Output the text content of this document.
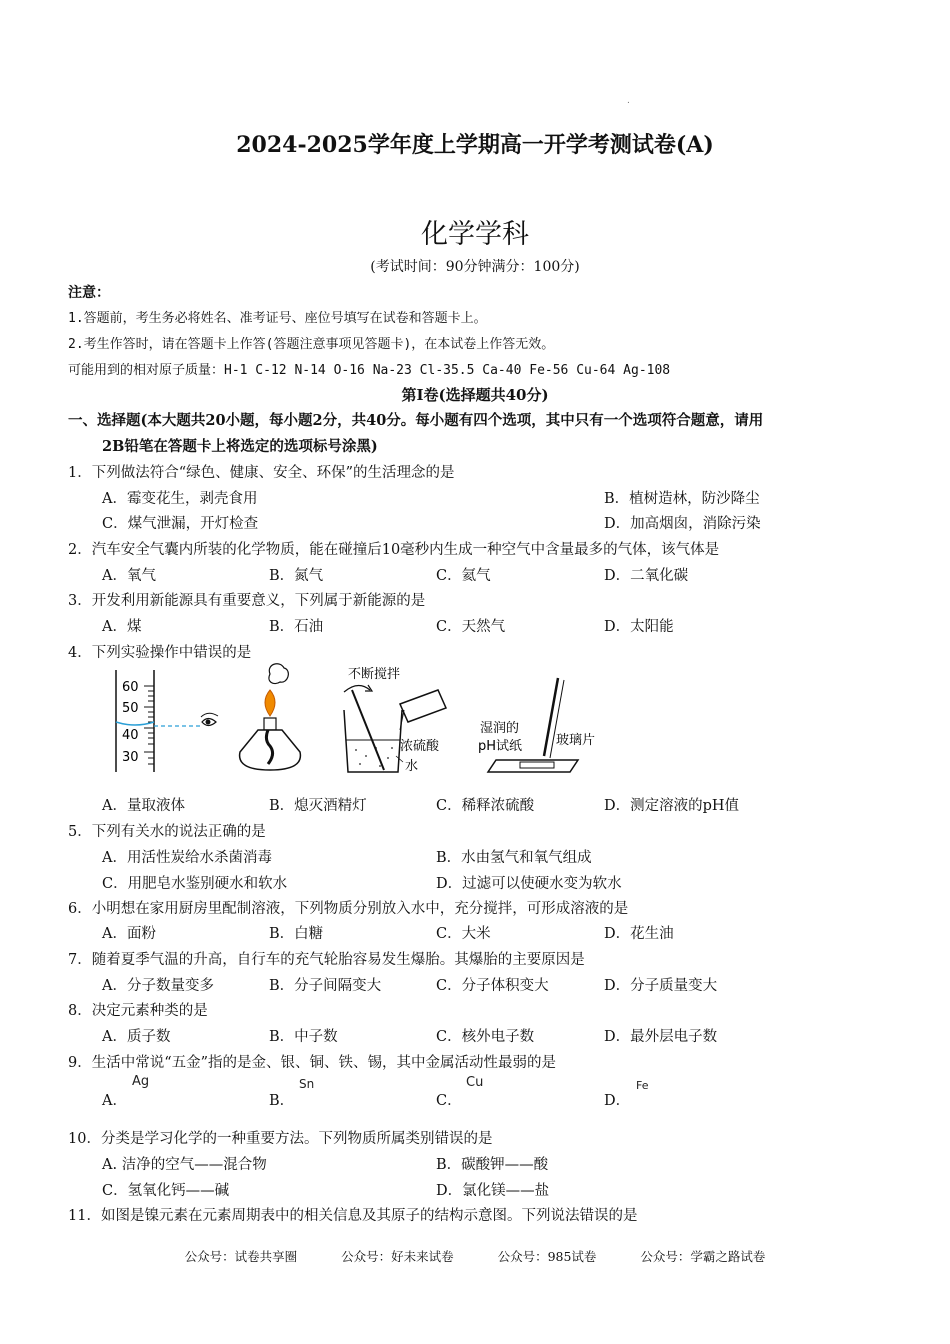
.
2024-2025学年度上学期高一开学考测试卷(A)
化学学科
(考试时间：90分钟满分：100分)
注意：
1.答题前，考生务必将姓名、准考证号、座位号填写在试卷和答题卡上。
2.考生作答时，请在答题卡上作答(答题注意事项见答题卡)，在本试卷上作答无效。
可能用到的相对原子质量：H-1 C-12 N-14 O-16 Na-23 Cl-35.5 Ca-40 Fe-56 Cu-64 Ag-108
第Ⅰ卷(选择题共40分)
一、选择题(本大题共20小题，每小题2分，共40分。每小题有四个选项，其中只有一个选项符合题意，请用
2B铅笔在答题卡上将选定的选项标号涂黑)
1．下列做法符合“绿色、健康、安全、环保”的生活理念的是
A．霉变花生，剥壳食用	B．植树造林，防沙降尘
C．煤气泄漏，开灯检查	D．加高烟囱，消除污染
2．汽车安全气囊内所装的化学物质，能在碰撞后10毫秒内生成一种空气中含量最多的气体，该气体是
A．氧气	B．氮气	C．氦气	D．二氧化碳
3．开发利用新能源具有重要意义，下列属于新能源的是
A．煤	B．石油	C．天然气	D．太阳能
4．下列实验操作中错误的是
60
50
40
30
不断搅拌
浓硫酸
水
湿润的
pH试纸	玻璃片
A．量取液体	B．熄灭酒精灯	C．稀释浓硫酸	D．测定溶液的pH值
5．下列有关水的说法正确的是
A．用活性炭给水杀菌消毒	B．水由氢气和氧气组成
C．用肥皂水鉴别硬水和软水	D．过滤可以使硬水变为软水
6．小明想在家用厨房里配制溶液，下列物质分别放入水中，充分搅拌，可形成溶液的是
A．面粉	B．白糖	C．大米	D．花生油
7．随着夏季气温的升高，自行车的充气轮胎容易发生爆胎。其爆胎的主要原因是
A．分子数量变多	B．分子间隔变大	C．分子体积变大	D．分子质量变大
8．决定元素种类的是
A．质子数	B．中子数	C．核外电子数	D．最外层电子数
9．生活中常说“五金”指的是金、银、铜、铁、锡，其中金属活动性最弱的是
A．
Ag
B．
Sn
C．
Cu
D．
Fe
10．分类是学习化学的一种重要方法。下列物质所属类别错误的是
A. 洁净的空气——混合物	B．碳酸钾——酸
C．氢氧化钙——碱	D．氯化镁——盐
11．如图是镍元素在元素周期表中的相关信息及其原子的结构示意图。下列说法错误的是
公众号：试卷共享圈	公众号：好未来试卷	公众号：985试卷	公众号：学霸之路试卷
